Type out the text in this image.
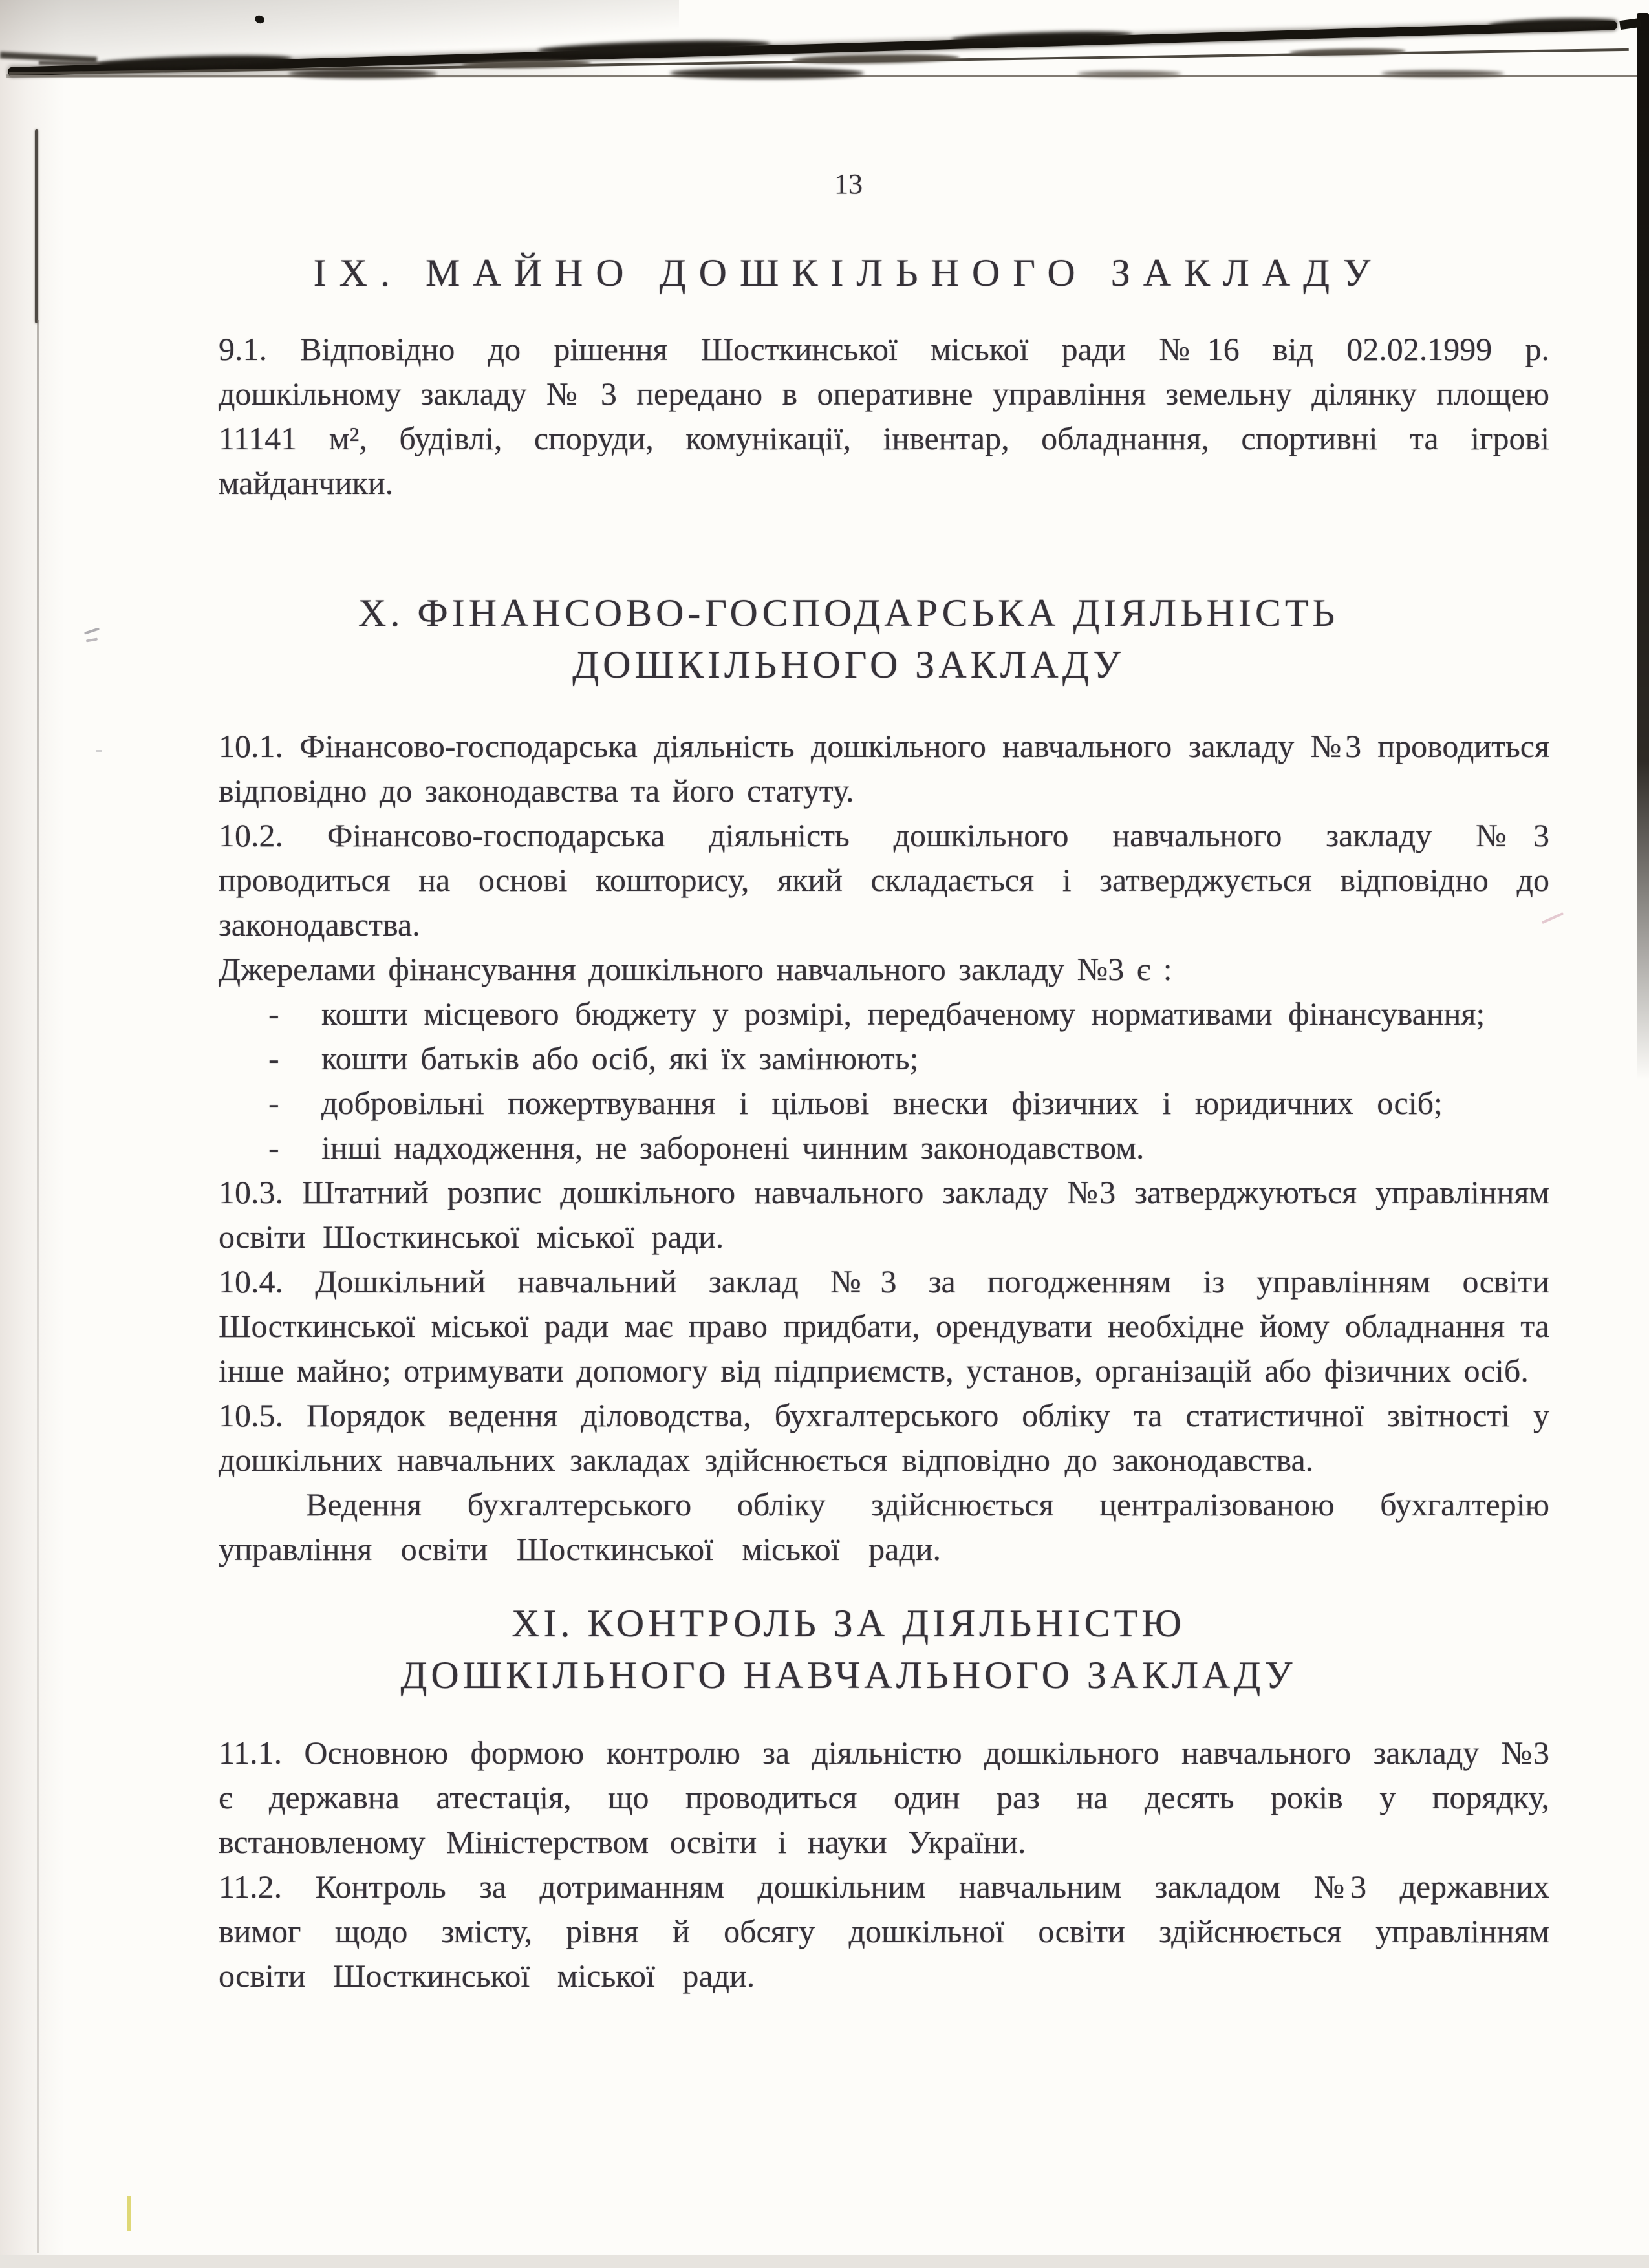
13
ІХ. МАЙНО ДОШКІЛЬНОГО ЗАКЛАДУ

9.1. Відповідно до рішення Шосткинської міської ради №16 від 02.02.1999 р. дошкільному закладу № 3 передано в оперативне управління земельну ділянку площею 11141 м², будівлі, споруди, комунікації, інвентар, обладнання, спортивні та ігрові майданчики.

Х. ФІНАНСОВО-ГОСПОДАРСЬКА ДІЯЛЬНІСТЬ
ДОШКІЛЬНОГО ЗАКЛАДУ

10.1. Фінансово-господарська діяльність дошкільного навчального закладу №3 проводиться відповідно до законодавства та його статуту.

10.2. Фінансово-господарська діяльність дошкільного навчального закладу №3 проводиться на основі кошторису, який складається і затверджується відповідно до законодавства.

Джерелами фінансування дошкільного навчального закладу №3 є :

-	кошти місцевого бюджету у розмірі, передбаченому нормативами фінансування;
-	кошти батьків або осіб, які їх замінюють;
-	добровільні пожертвування і цільові внески фізичних і юридичних осіб;
-	інші надходження, не заборонені чинним законодавством.

10.3. Штатний розпис дошкільного навчального закладу №3 затверджуються управлінням освіти Шосткинської міської ради.

10.4. Дошкільний навчальний заклад №3 за погодженням із управлінням освіти Шосткинської міської ради має право придбати, орендувати необхідне йому обладнання та інше майно; отримувати допомогу від підприємств, установ, організацій або фізичних осіб.

10.5. Порядок ведення діловодства, бухгалтерського обліку та статистичної звітності у дошкільних навчальних закладах здійснюється відповідно до законодавства.

Ведення бухгалтерського обліку здійснюється централізованою бухгалтерію управління освіти Шосткинської міської ради.

ХІ. КОНТРОЛЬ ЗА ДІЯЛЬНІСТЮ
ДОШКІЛЬНОГО НАВЧАЛЬНОГО ЗАКЛАДУ

11.1. Основною формою контролю за діяльністю дошкільного навчального закладу №3 є державна атестація, що проводиться один раз на десять років у порядку, встановленому Міністерством освіти і науки України.

11.2. Контроль за дотриманням дошкільним навчальним закладом №3 державних вимог щодо змісту, рівня й обсягу дошкільної освіти здійснюється управлінням освіти Шосткинської міської ради.
